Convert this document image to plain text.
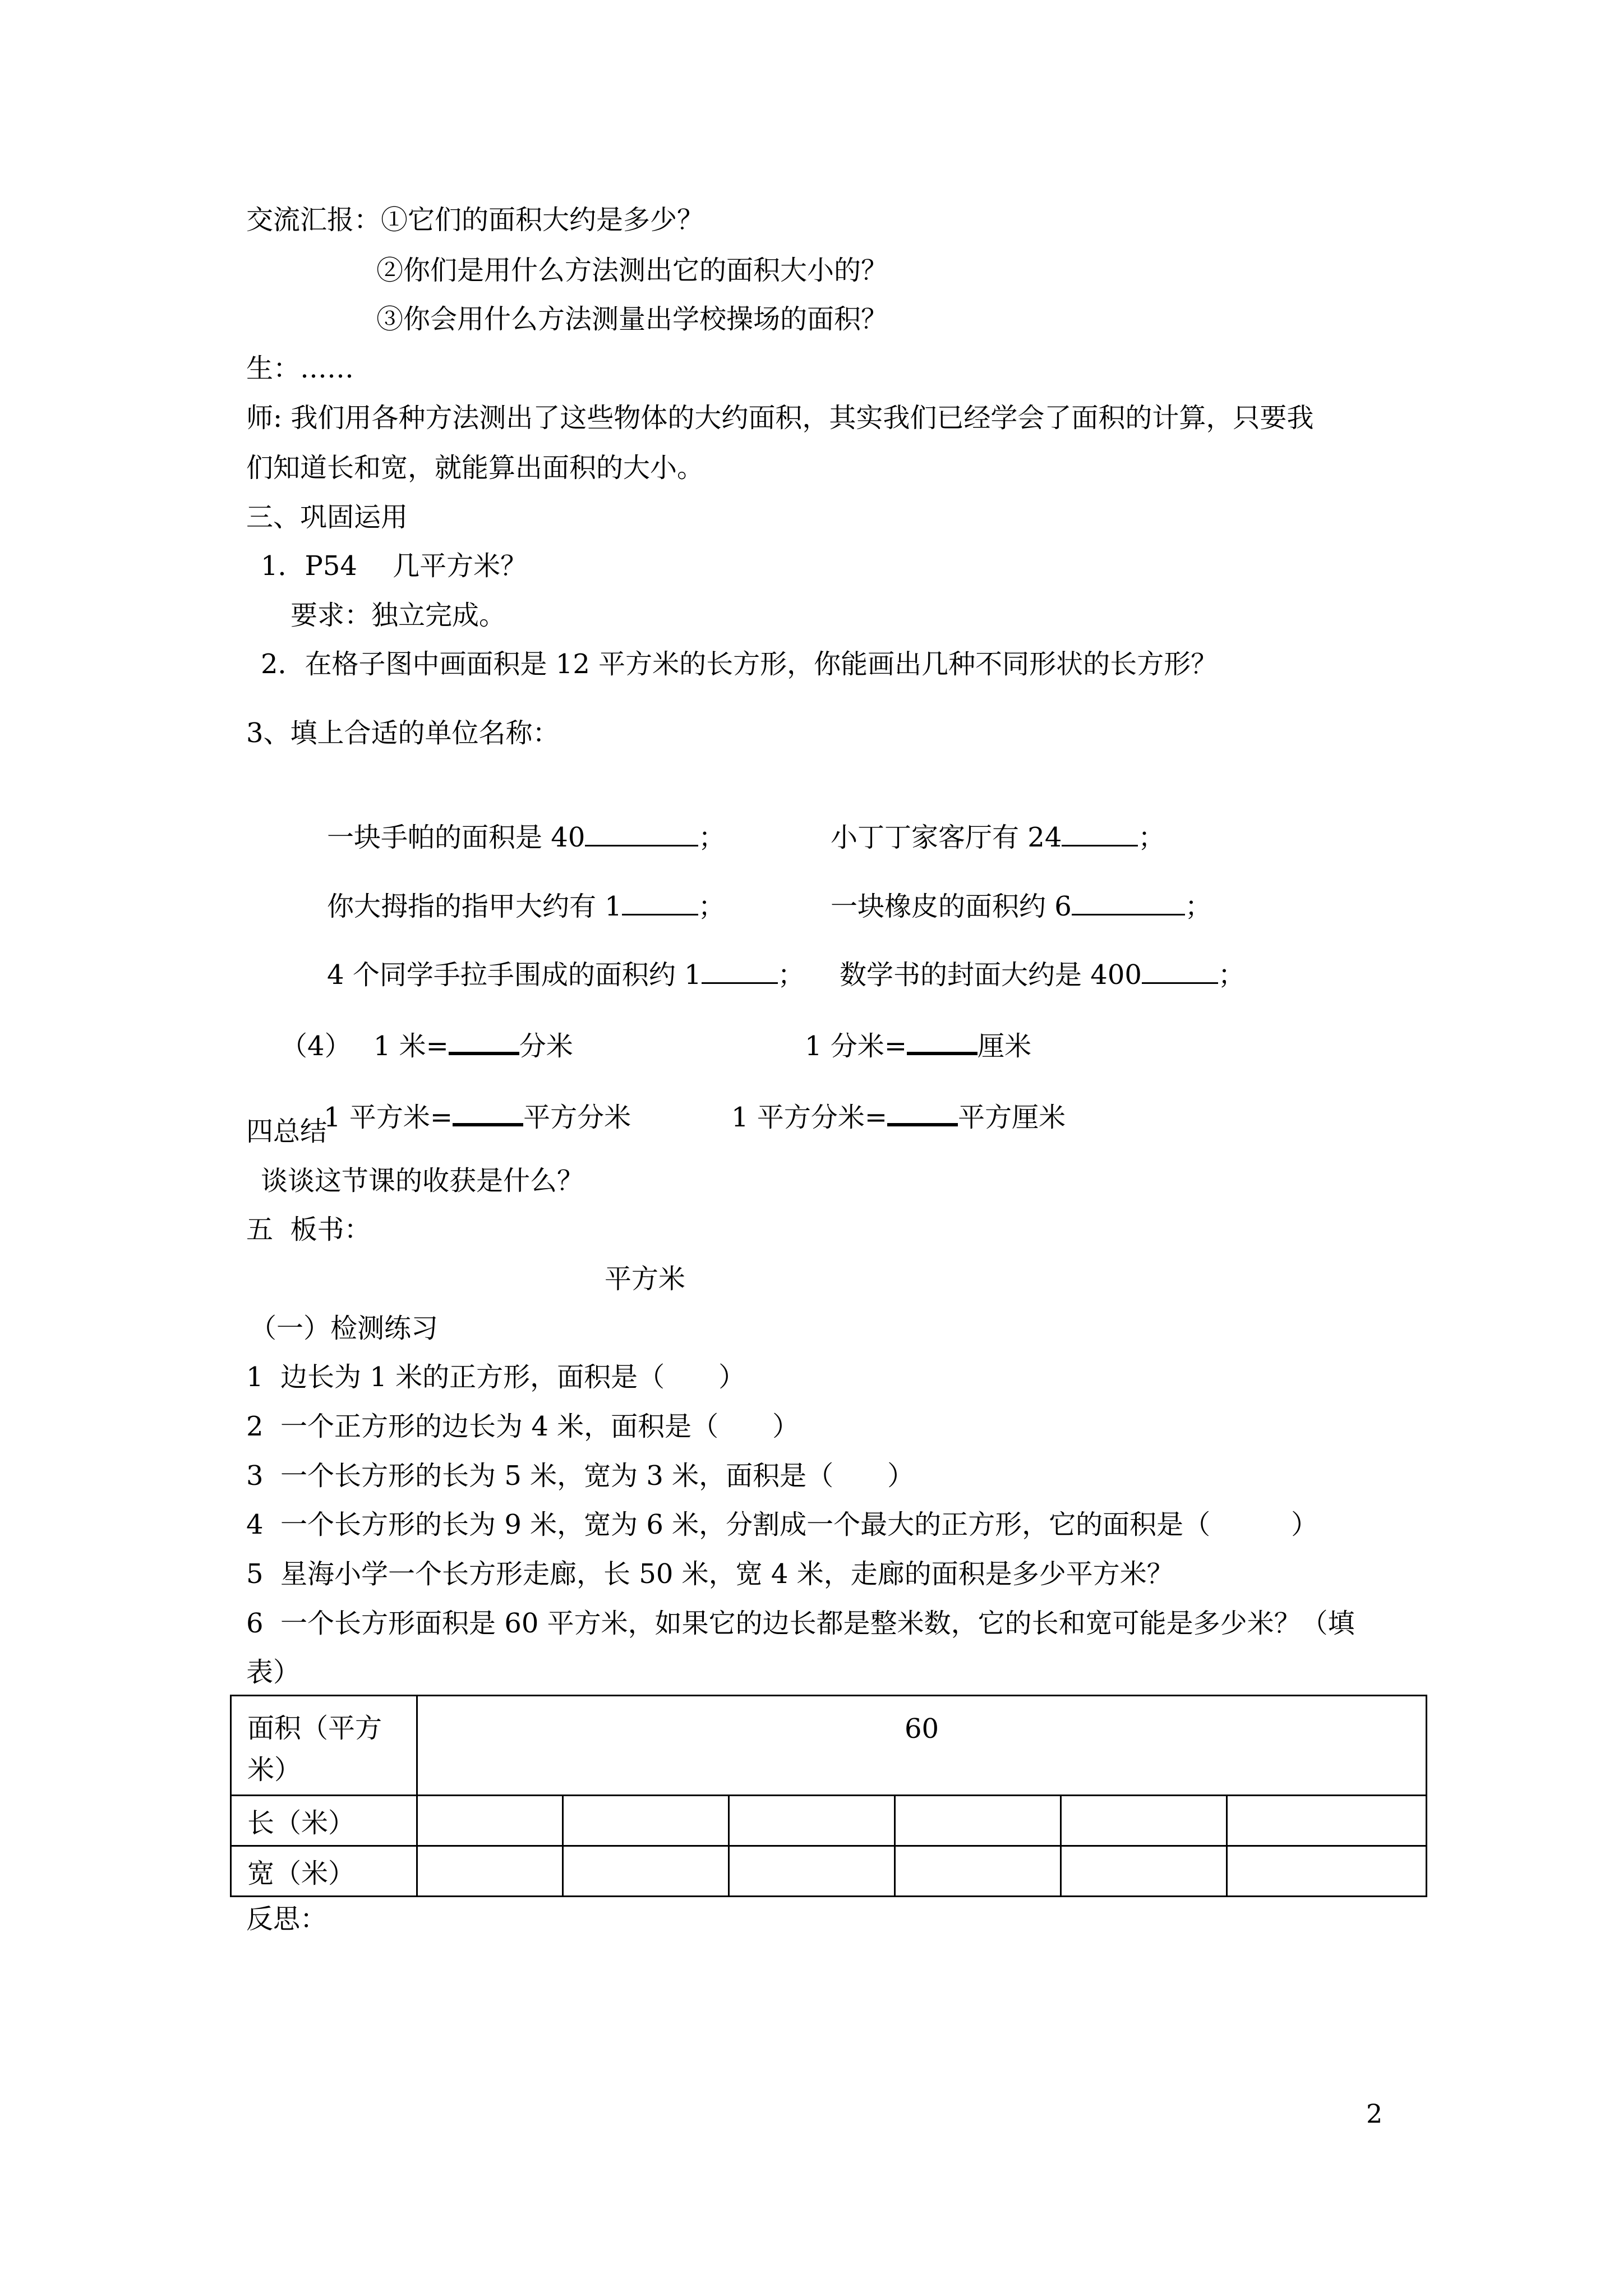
交流汇报：①它们的面积大约是多少？
②你们是用什么方法测出它的面积大小的？
③你会用什么方法测量出学校操场的面积？
生：……
师: 我们用各种方法测出了这些物体的大约面积，其实我们已经学会了面积的计算，只要我
们知道长和宽，就能算出面积的大小。
三、巩固运用
1．P54　 几平方米？
要求：独立完成。
2．在格子图中画面积是 12 平方米的长方形，你能画出几种不同形状的长方形？
3、填上合适的单位名称：

一块手帕的面积是 40	；
	小丁丁家客厅有 24	；

你大拇指的指甲大约有 1	；
	一块橡皮的面积约 6	；

4 个同学手拉手围成的面积约 1	；
	数学书的封面大约是 400	；

（4）　 1 米=	分米
	1 分米=	厘米

1 平方米=	平方分米
	1 平方分米=	平方厘米

四总结
谈谈这节课的收获是什么？
五  板书：
平方米
（一）检测练习
1  边长为 1 米的正方形，面积是（　　）
2  一个正方形的边长为 4 米，面积是（　　）
3  一个长方形的长为 5 米，宽为 3 米，面积是（　　）
4  一个长方形的长为 9 米，宽为 6 米，分割成一个最大的正方形，它的面积是（　　　）
5  星海小学一个长方形走廊，长 50 米，宽 4 米，走廊的面积是多少平方米？
6  一个长方形面积是 60 平方米，如果它的边长都是整米数，它的长和宽可能是多少米？（填
表）
面积（平方
米）	60					
长（米）						
宽（米）						
反思：
2
